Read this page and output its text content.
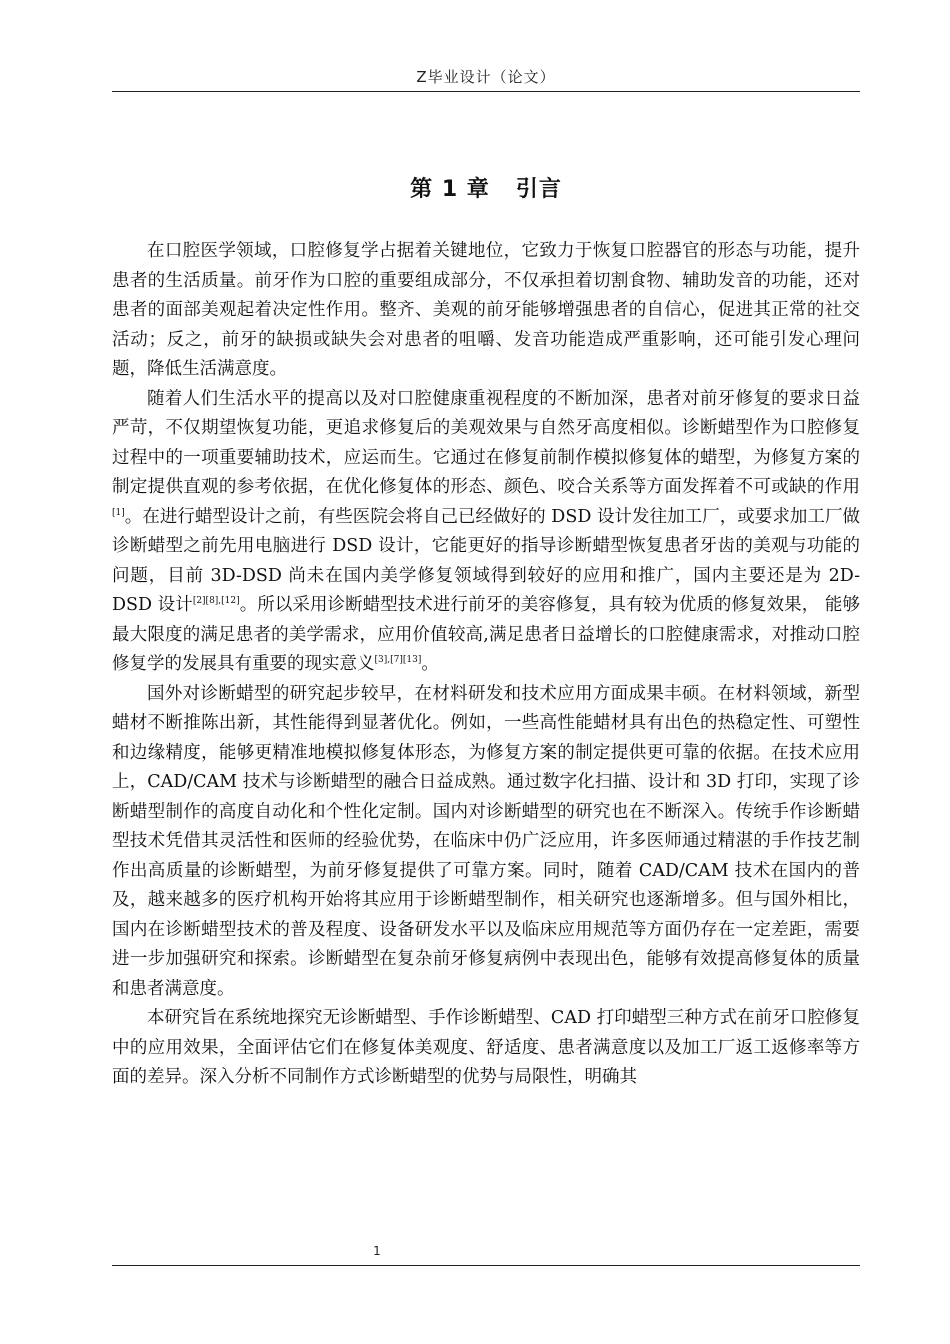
Z毕业设计（论文）
第 1 章 引言

在口腔医学领域，口腔修复学占据着关键地位，它致力于恢复口腔器官的形态与功能，提升患者的生活质量。前牙作为口腔的重要组成部分，不仅承担着切割食物、辅助发音的功能，还对患者的面部美观起着决定性作用。整齐、美观的前牙能够增强患者的自信心，促进其正常的社交活动；反之，前牙的缺损或缺失会对患者的咀嚼、发音功能造成严重影响，还可能引发心理问题，降低生活满意度。

随着人们生活水平的提高以及对口腔健康重视程度的不断加深，患者对前牙修复的要求日益严苛，不仅期望恢复功能，更追求修复后的美观效果与自然牙高度相似。诊断蜡型作为口腔修复过程中的一项重要辅助技术，应运而生。它通过在修复前制作模拟修复体的蜡型，为修复方案的制定提供直观的参考依据，在优化修复体的形态、颜色、咬合关系等方面发挥着不可或缺的作用[1]。在进行蜡型设计之前，有些医院会将自己已经做好的 DSD 设计发往加工厂，或要求加工厂做诊断蜡型之前先用电脑进行 DSD 设计，它能更好的指导诊断蜡型恢复患者牙齿的美观与功能的问题，目前 3D-DSD 尚未在国内美学修复领域得到较好的应用和推广，国内主要还是为 2D-DSD 设计[2][8],[12]。所以采用诊断蜡型技术进行前牙的美容修复，具有较为优质的修复效果， 能够最大限度的满足患者的美学需求，应用价值较高,满足患者日益增长的口腔健康需求，对推动口腔修复学的发展具有重要的现实意义[3],[7][13]。

国外对诊断蜡型的研究起步较早，在材料研发和技术应用方面成果丰硕。在材料领域，新型蜡材不断推陈出新，其性能得到显著优化。例如，一些高性能蜡材具有出色的热稳定性、可塑性和边缘精度，能够更精准地模拟修复体形态，为修复方案的制定提供更可靠的依据。在技术应用上，CAD/CAM 技术与诊断蜡型的融合日益成熟。通过数字化扫描、设计和 3D 打印，实现了诊断蜡型制作的高度自动化和个性化定制。国内对诊断蜡型的研究也在不断深入。传统手作诊断蜡型技术凭借其灵活性和医师的经验优势，在临床中仍广泛应用，许多医师通过精湛的手作技艺制作出高质量的诊断蜡型，为前牙修复提供了可靠方案。同时，随着 CAD/CAM 技术在国内的普及，越来越多的医疗机构开始将其应用于诊断蜡型制作，相关研究也逐渐增多。但与国外相比，国内在诊断蜡型技术的普及程度、设备研发水平以及临床应用规范等方面仍存在一定差距，需要进一步加强研究和探索。诊断蜡型在复杂前牙修复病例中表现出色，能够有效提高修复体的质量和患者满意度。

本研究旨在系统地探究无诊断蜡型、手作诊断蜡型、CAD 打印蜡型三种方式在前牙口腔修复中的应用效果，全面评估它们在修复体美观度、舒适度、患者满意度以及加工厂返工返修率等方面的差异。深入分析不同制作方式诊断蜡型的优势与局限性，明确其

1
